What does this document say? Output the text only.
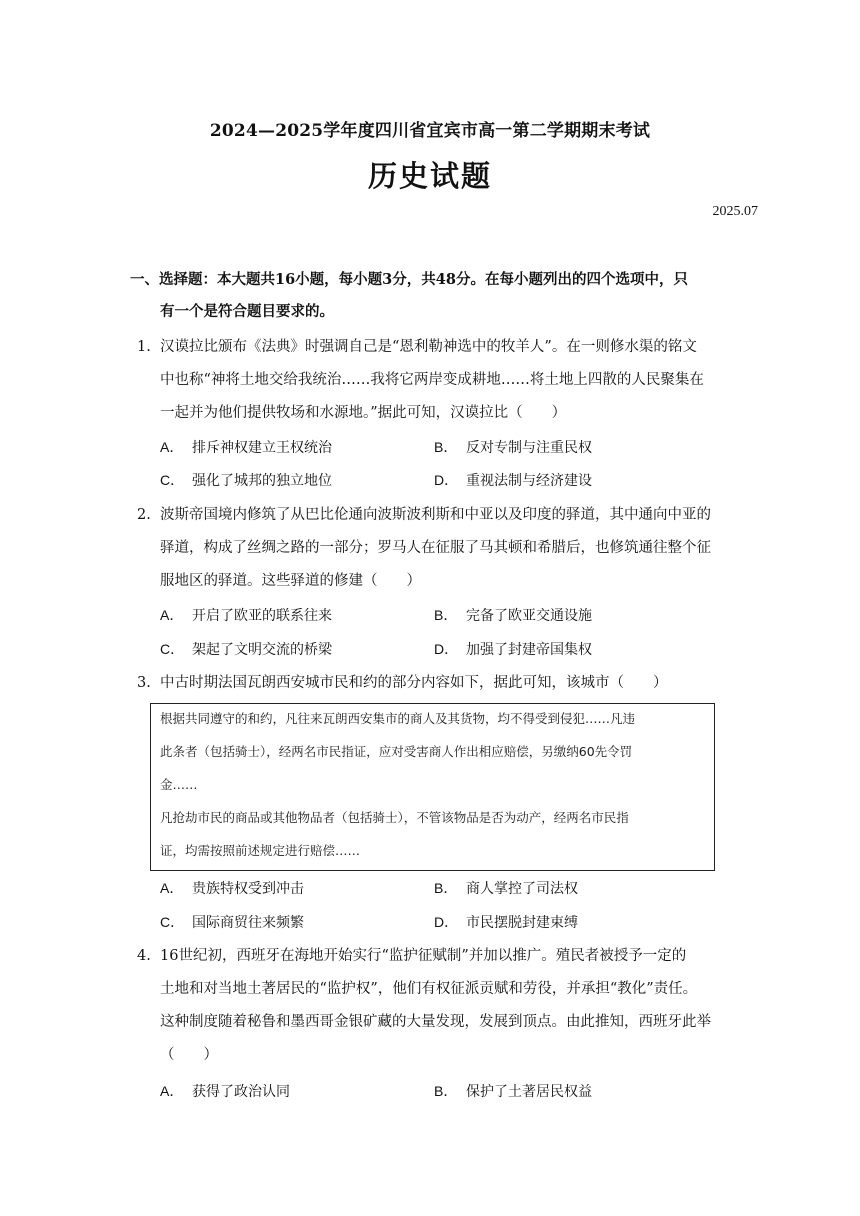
2024—2025学年度四川省宜宾市高一第二学期期末考试
历史试题
2025.07
一、选择题：本大题共16小题，每小题3分，共48分。在每小题列出的四个选项中，只
有一个是符合题目要求的。
1. 汉谟拉比颁布《法典》时强调自己是“恩利勒神选中的牧羊人”。在一则修水渠的铭文
中也称“神将土地交给我统治……我将它两岸变成耕地……将土地上四散的人民聚集在
一起并为他们提供牧场和水源地。”据此可知，汉谟拉比（　　）
A． 排斥神权建立王权统治	B． 反对专制与注重民权
C． 强化了城邦的独立地位	D． 重视法制与经济建设
2. 波斯帝国境内修筑了从巴比伦通向波斯波利斯和中亚以及印度的驿道，其中通向中亚的
驿道，构成了丝绸之路的一部分；罗马人在征服了马其顿和希腊后，也修筑通往整个征
服地区的驿道。这些驿道的修建（　　）
A． 开启了欧亚的联系往来	B． 完备了欧亚交通设施
C． 架起了文明交流的桥梁	D． 加强了封建帝国集权
3. 中古时期法国瓦朗西安城市民和约的部分内容如下，据此可知，该城市（　　）
根据共同遵守的和约，凡往来瓦朗西安集市的商人及其货物，均不得受到侵犯……凡违
此条者（包括骑士），经两名市民指证，应对受害商人作出相应赔偿，另缴纳60先令罚
金……
凡抢劫市民的商品或其他物品者（包括骑士），不管该物品是否为动产，经两名市民指
证，均需按照前述规定进行赔偿……
A． 贵族特权受到冲击	B． 商人掌控了司法权
C． 国际商贸往来频繁	D． 市民摆脱封建束缚
4. 16世纪初，西班牙在海地开始实行“监护征赋制”并加以推广。殖民者被授予一定的
土地和对当地土著居民的“监护权”，他们有权征派贡赋和劳役，并承担“教化”责任。
这种制度随着秘鲁和墨西哥金银矿藏的大量发现，发展到顶点。由此推知，西班牙此举
（　　）
A． 获得了政治认同	B． 保护了土著居民权益
